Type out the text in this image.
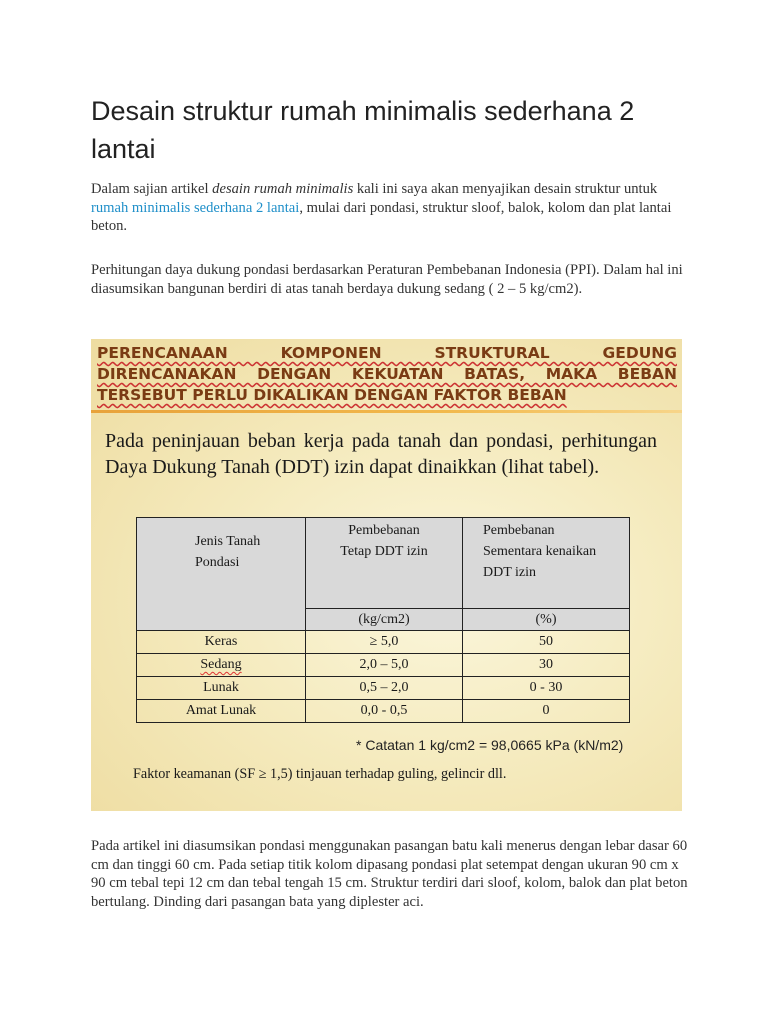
Desain struktur rumah minimalis sederhana 2 lantai

Dalam sajian artikel desain rumah minimalis kali ini saya akan menyajikan desain struktur untuk rumah minimalis sederhana 2 lantai, mulai dari pondasi, struktur sloof, balok, kolom dan plat lantai beton.

Perhitungan daya dukung pondasi berdasarkan Peraturan Pembebanan Indonesia (PPI). Dalam hal ini diasumsikan bangunan berdiri di atas tanah berdaya dukung sedang ( 2 – 5 kg/cm2).

PERENCANAAN KOMPONEN STRUKTURAL GEDUNG DIRENCANAKAN DENGAN KEKUATAN BATAS, MAKA BEBAN TERSEBUT PERLU DIKALIKAN DENGAN FAKTOR BEBAN
Pada peninjauan beban kerja pada tanah dan pondasi, perhitungan Daya Dukung Tanah (DDT) izin dapat dinaikkan (lihat tabel).
Jenis Tanah Pondasi	Pembebanan Tetap DDT izin	Pembebanan Sementara kenaikan DDT izin

	(kg/cm2)	(%)
Keras	≥ 5,0	50
Sedang	2,0 – 5,0	30
Lunak	0,5 – 2,0	0 - 30
Amat Lunak	0,0 - 0,5	0
* Catatan 1 kg/cm2 = 98,0665 kPa (kN/m2)
Faktor keamanan (SF ≥ 1,5) tinjauan terhadap guling, gelincir dll.

Pada artikel ini diasumsikan pondasi menggunakan pasangan batu kali menerus dengan lebar dasar 60 cm dan tinggi 60 cm. Pada setiap titik kolom dipasang pondasi plat setempat dengan ukuran 90 cm x 90 cm tebal tepi 12 cm dan tebal tengah 15 cm. Struktur terdiri dari sloof, kolom, balok dan plat beton bertulang. Dinding dari pasangan bata yang diplester aci.
